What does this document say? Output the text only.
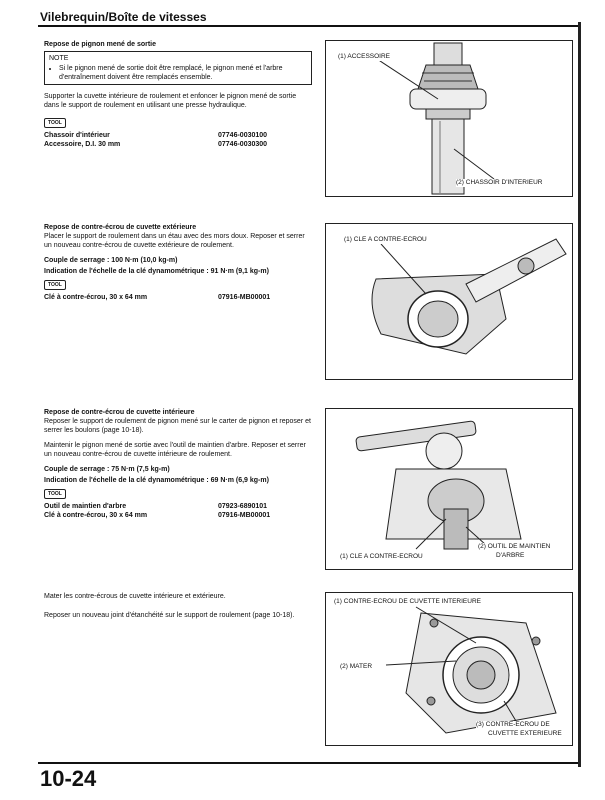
Vilebrequin/Boîte de vitesses

Repose de pignon mené de sortie

NOTE
• Si le pignon mené de sortie doit être remplacé, le pignon mené et l'arbre d'entraînement doivent être remplacés ensemble.

Supporter la cuvette intérieure de roulement et enfoncer le pignon mené de sortie dans le support de roulement en utilisant une presse hydraulique.

TOOL
Chassoir d'intérieur	07746-0030100
Accessoire, D.I. 30 mm	07746-0030300
(1) ACCESSOIRE
(2) CHASSOIR D'INTERIEUR

Repose de contre-écrou de cuvette extérieure

Placer le support de roulement dans un étau avec des mors doux. Reposer et serrer un nouveau contre-écrou de cuvette extérieure de roulement.

Couple de serrage : 100 N·m (10,0 kg-m)

Indication de l'échelle de la clé dynamométrique : 91 N·m (9,1 kg-m)

TOOL
Clé à contre-écrou, 30 x 64 mm	07916-MB00001
(1) CLE A CONTRE-ECROU

Repose de contre-écrou de cuvette intérieure

Reposer le support de roulement de pignon mené sur le carter de pignon et reposer et serrer les boulons (page 10-18).

Maintenir le pignon mené de sortie avec l'outil de maintien d'arbre. Reposer et serrer un nouveau contre-écrou de cuvette intérieure de roulement.

Couple de serrage : 75 N·m (7,5 kg-m)

Indication de l'échelle de la clé dynamométrique : 69 N·m (6,9 kg-m)

TOOL
Outil de maintien d'arbre	07923-6890101
Clé à contre-écrou, 30 x 64 mm	07916-MB00001
(1) CLE A CONTRE-ECROU
(2) OUTIL DE MAINTIEN
D'ARBRE

Mater les contre-écrous de cuvette intérieure et extérieure.

Reposer un nouveau joint d'étanchéité sur le support de roulement (page 10-18).

(1) CONTRE-ECROU DE CUVETTE INTERIEURE
(2) MATER
(3) CONTRE-ECROU DE
CUVETTE EXTERIEURE
10-24
